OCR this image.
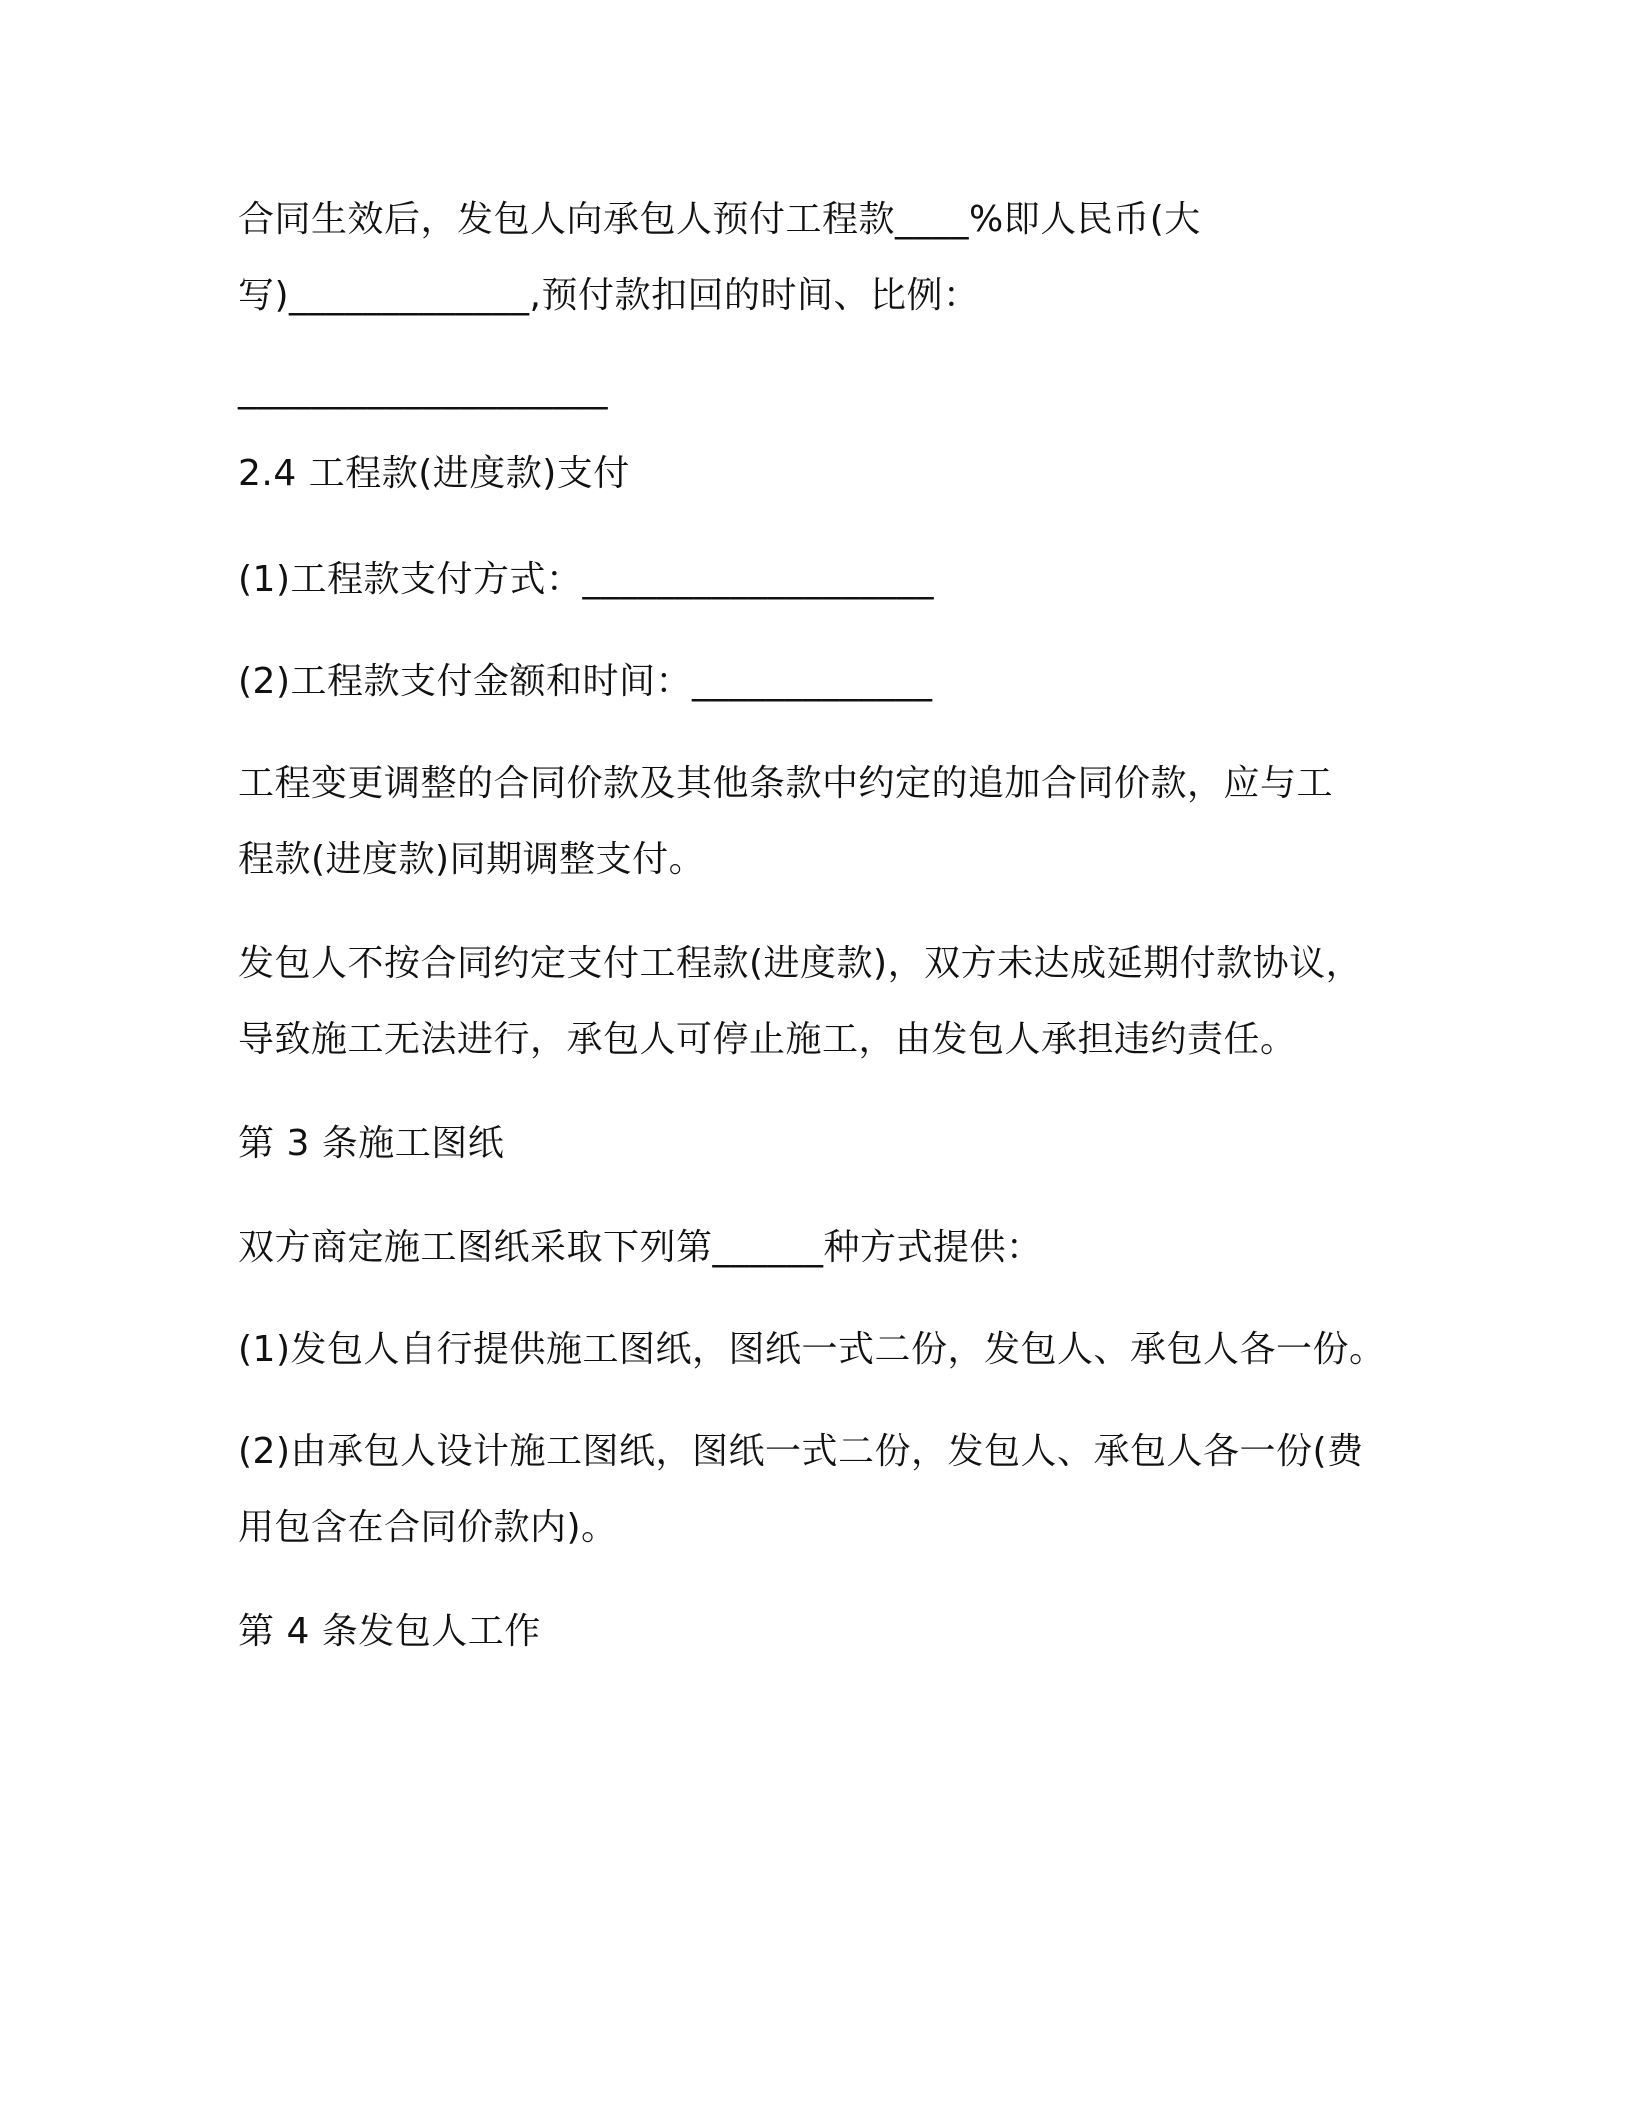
合同生效后，发包人向承包人预付工程款____%即人民币(大
写)_____________,预付款扣回的时间、比例：
____________________
2.4 工程款(进度款)支付
(1)工程款支付方式：___________________
(2)工程款支付金额和时间：_____________
工程变更调整的合同价款及其他条款中约定的追加合同价款，应与工
程款(进度款)同期调整支付。
发包人不按合同约定支付工程款(进度款)，双方未达成延期付款协议，
导致施工无法进行，承包人可停止施工，由发包人承担违约责任。
第 3 条施工图纸
双方商定施工图纸采取下列第______种方式提供：
(1)发包人自行提供施工图纸，图纸一式二份，发包人、承包人各一份。
(2)由承包人设计施工图纸，图纸一式二份，发包人、承包人各一份(费
用包含在合同价款内)。
第 4 条发包人工作
